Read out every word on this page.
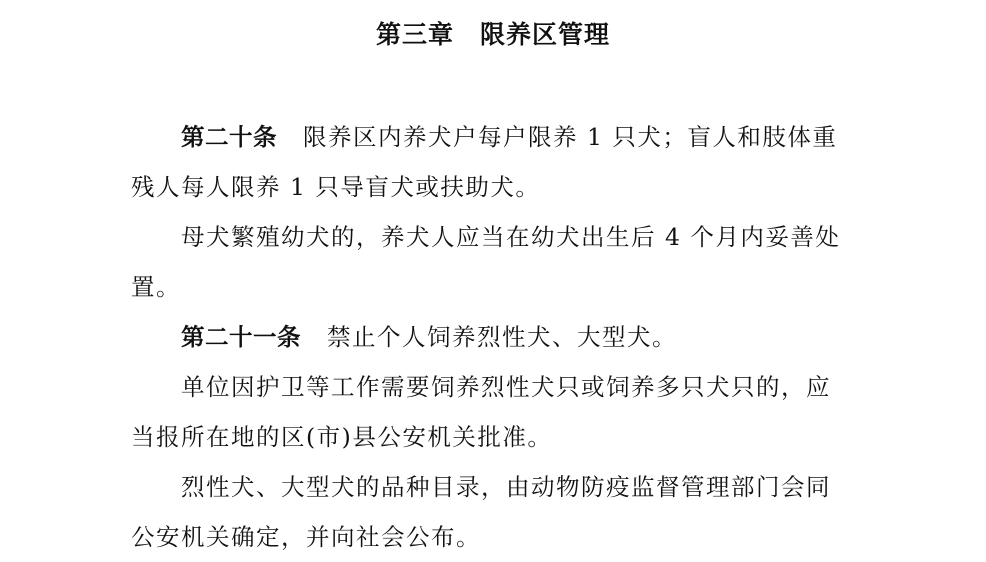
第三章 限养区管理

第二十条 限养区内养犬户每户限养 1 只犬；盲人和肢体重
残人每人限养 1 只导盲犬或扶助犬。

母犬繁殖幼犬的，养犬人应当在幼犬出生后 4 个月内妥善处
置。

第二十一条 禁止个人饲养烈性犬、大型犬。

单位因护卫等工作需要饲养烈性犬只或饲养多只犬只的，应
当报所在地的区(市)县公安机关批准。

烈性犬、大型犬的品种目录，由动物防疫监督管理部门会同
公安机关确定，并向社会公布。
